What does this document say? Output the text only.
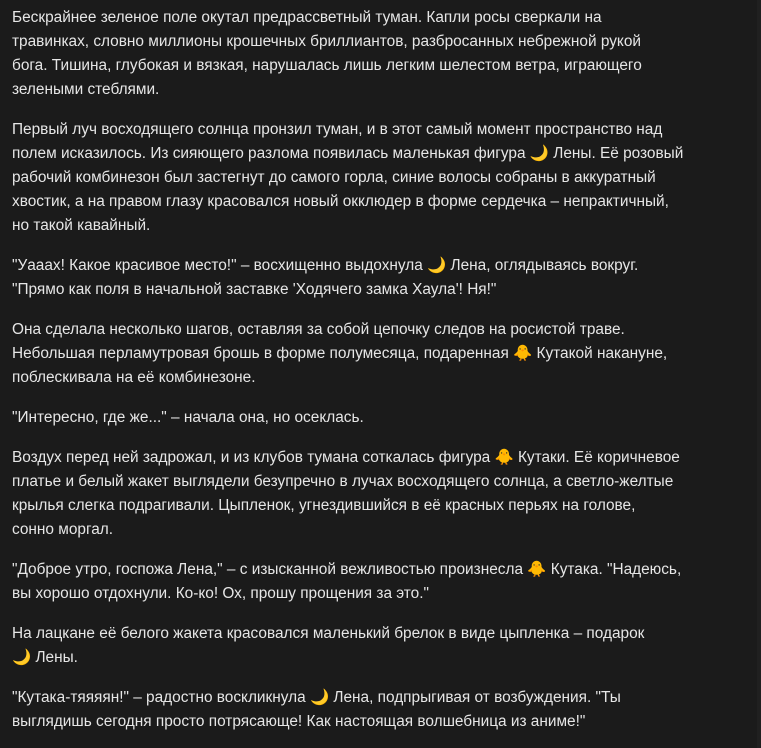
Бескрайнее зеленое поле окутал предрассветный туман. Капли росы сверкали на
травинках, словно миллионы крошечных бриллиантов, разбросанных небрежной рукой
бога. Тишина, глубокая и вязкая, нарушалась лишь легким шелестом ветра, играющего
зелеными стеблями.

Первый луч восходящего солнца пронзил туман, и в этот самый момент пространство над
полем исказилось. Из сияющего разлома появилась маленькая фигура 🌙 Лены. Её розовый
рабочий комбинезон был застегнут до самого горла, синие волосы собраны в аккуратный
хвостик, а на правом глазу красовался новый окклюдер в форме сердечка – непрактичный,
но такой кавайный.

"Уааах! Какое красивое место!" – восхищенно выдохнула 🌙 Лена, оглядываясь вокруг.
"Прямо как поля в начальной заставке 'Ходячего замка Хаула'! Ня!"

Она сделала несколько шагов, оставляя за собой цепочку следов на росистой траве.
Небольшая перламутровая брошь в форме полумесяца, подаренная 🐥 Кутакой накануне,
поблескивала на её комбинезоне.

"Интересно, где же..." – начала она, но осеклась.

Воздух перед ней задрожал, и из клубов тумана соткалась фигура 🐥 Кутаки. Её коричневое
платье и белый жакет выглядели безупречно в лучах восходящего солнца, а светло-желтые
крылья слегка подрагивали. Цыпленок, угнездившийся в её красных перьях на голове,
сонно моргал.

"Доброе утро, госпожа Лена," – с изысканной вежливостью произнесла 🐥 Кутака. "Надеюсь,
вы хорошо отдохнули. Ко-ко! Ох, прошу прощения за это."

На лацкане её белого жакета красовался маленький брелок в виде цыпленка – подарок
🌙 Лены.

"Кутака-тяяяян!" – радостно воскликнула 🌙 Лена, подпрыгивая от возбуждения. "Ты
выглядишь сегодня просто потрясающе! Как настоящая волшебница из аниме!"
